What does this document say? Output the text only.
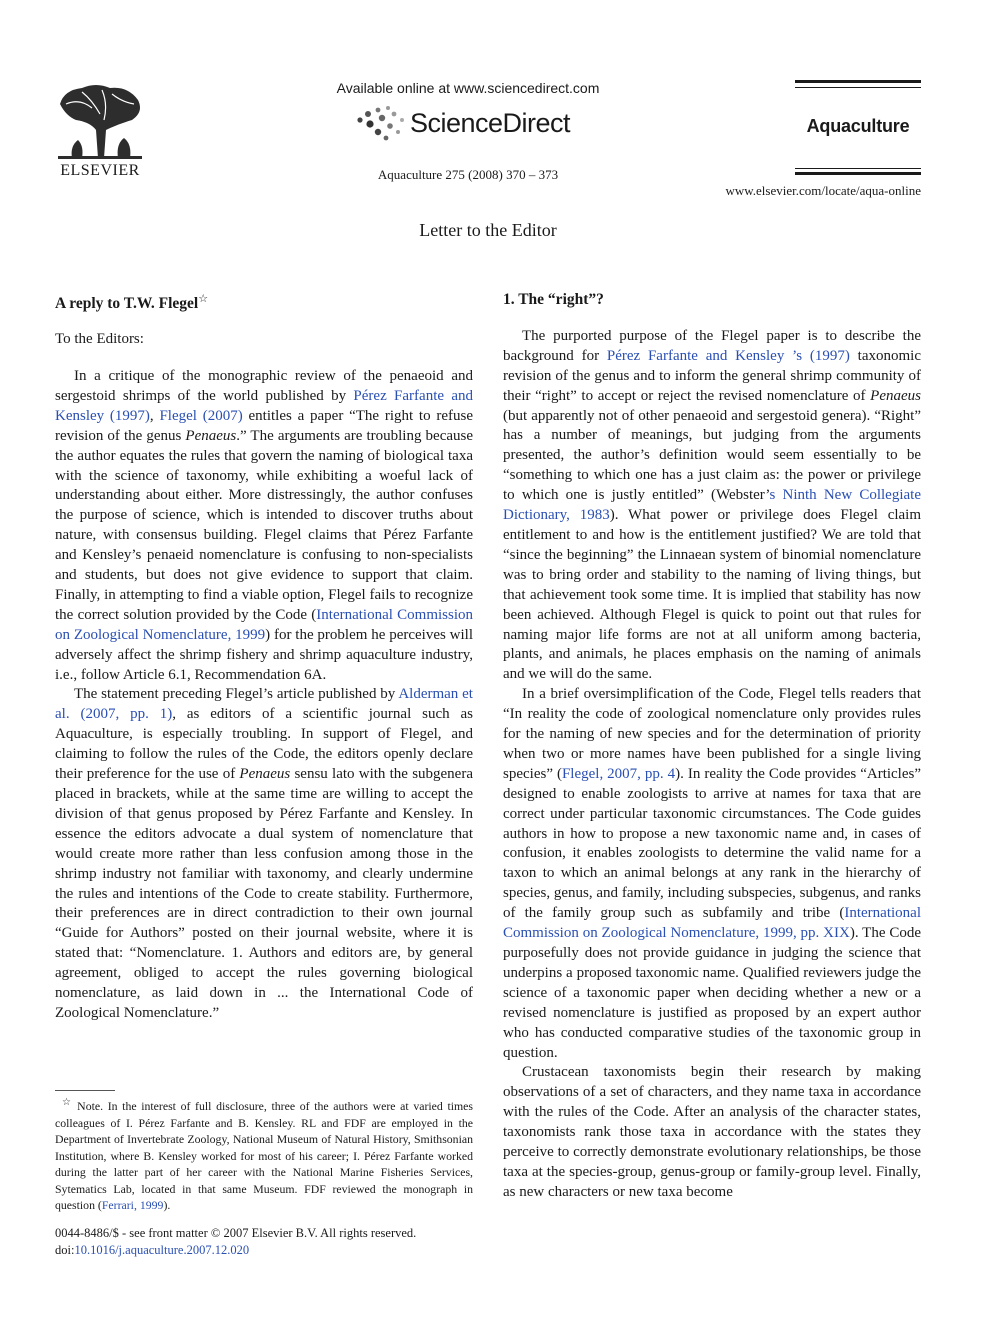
ELSEVIER
Available online at www.sciencedirect.com
ScienceDirect
Aquaculture 275 (2008) 370 – 373
Aquaculture
www.elsevier.com/locate/aqua-online
Letter to the Editor
A reply to T.W. Flegel☆

To the Editors:

In a critique of the monographic review of the penaeoid and sergestoid shrimps of the world published by Pérez Farfante and Kensley (1997), Flegel (2007) entitles a paper “The right to refuse revision of the genus Penaeus.” The arguments are troubling because the author equates the rules that govern the naming of biological taxa with the science of taxonomy, while exhibiting a woeful lack of understanding about either. More distressingly, the author confuses the purpose of science, which is intended to discover truths about nature, with consensus building. Flegel claims that Pérez Farfante and Kensley’s penaeid nomenclature is confusing to non-specialists and students, but does not give evidence to support that claim. Finally, in attempting to find a viable option, Flegel fails to recognize the correct solution provided by the Code (International Commission on Zoological Nomenclature, 1999) for the problem he perceives will adversely affect the shrimp fishery and shrimp aquaculture industry, i.e., follow Article 6.1, Recommendation 6A.

The statement preceding Flegel’s article published by Alderman et al. (2007, pp. 1), as editors of a scientific journal such as Aquaculture, is especially troubling. In support of Flegel, and claiming to follow the rules of the Code, the editors openly declare their preference for the use of Penaeus sensu lato with the subgenera placed in brackets, while at the same time are willing to accept the division of that genus proposed by Pérez Farfante and Kensley. In essence the editors advocate a dual system of nomenclature that would create more rather than less confusion among those in the shrimp industry not familiar with taxonomy, and clearly undermine the rules and intentions of the Code to create stability. Furthermore, their preferences are in direct contradiction to their own journal “Guide for Authors” posted on their journal website, where it is stated that: “Nomenclature. 1. Authors and editors are, by general agreement, obliged to accept the rules governing biological nomenclature, as laid down in ... the International Code of Zoological Nomenclature.”

1. The “right”?

The purported purpose of the Flegel paper is to describe the background for Pérez Farfante and Kensley ’s (1997) taxonomic revision of the genus and to inform the general shrimp community of their “right” to accept or reject the revised nomenclature of Penaeus (but apparently not of other penaeoid and sergestoid genera). “Right” has a number of meanings, but judging from the arguments presented, the author’s definition would seem essentially to be “something to which one has a just claim as: the power or privilege to which one is justly entitled” (Webster’s Ninth New Collegiate Dictionary, 1983). What power or privilege does Flegel claim entitlement to and how is the entitlement justified? We are told that “since the beginning” the Linnaean system of binomial nomenclature was to bring order and stability to the naming of living things, but that achievement took some time. It is implied that stability has now been achieved. Although Flegel is quick to point out that rules for naming major life forms are not at all uniform among bacteria, plants, and animals, he places emphasis on the naming of animals and we will do the same.

In a brief oversimplification of the Code, Flegel tells readers that “In reality the code of zoological nomenclature only provides rules for the naming of new species and for the determination of priority when two or more names have been published for a single living species” (Flegel, 2007, pp. 4). In reality the Code provides “Articles” designed to enable zoologists to arrive at names for taxa that are correct under particular taxonomic circumstances. The Code guides authors in how to propose a new taxonomic name and, in cases of confusion, it enables zoologists to determine the valid name for a taxon to which an animal belongs at any rank in the hierarchy of species, genus, and family, including subspecies, subgenus, and ranks of the family group such as subfamily and tribe (International Commission on Zoological Nomenclature, 1999, pp. XIX). The Code purposefully does not provide guidance in judging the science that underpins a proposed taxonomic name. Qualified reviewers judge the science of a taxonomic paper when deciding whether a new or a revised nomenclature is justified as proposed by an expert author who has conducted comparative studies of the taxonomic group in question.

Crustacean taxonomists begin their research by making observations of a set of characters, and they name taxa in accordance with the rules of the Code. After an analysis of the character states, taxonomists rank those taxa in accordance with the states they perceive to correctly demonstrate evolutionary relationships, be those taxa at the species-group, genus-group or family-group level. Finally, as new characters or new taxa become

☆ Note. In the interest of full disclosure, three of the authors were at varied times colleagues of I. Pérez Farfante and B. Kensley. RL and FDF are employed in the Department of Invertebrate Zoology, National Museum of Natural History, Smithsonian Institution, where B. Kensley worked for most of his career; I. Pérez Farfante worked during the latter part of her career with the National Marine Fisheries Services, Sytematics Lab, located in that same Museum. FDF reviewed the monograph in question (Ferrari, 1999).

0044-8486/$ - see front matter © 2007 Elsevier B.V. All rights reserved.
doi:10.1016/j.aquaculture.2007.12.020
